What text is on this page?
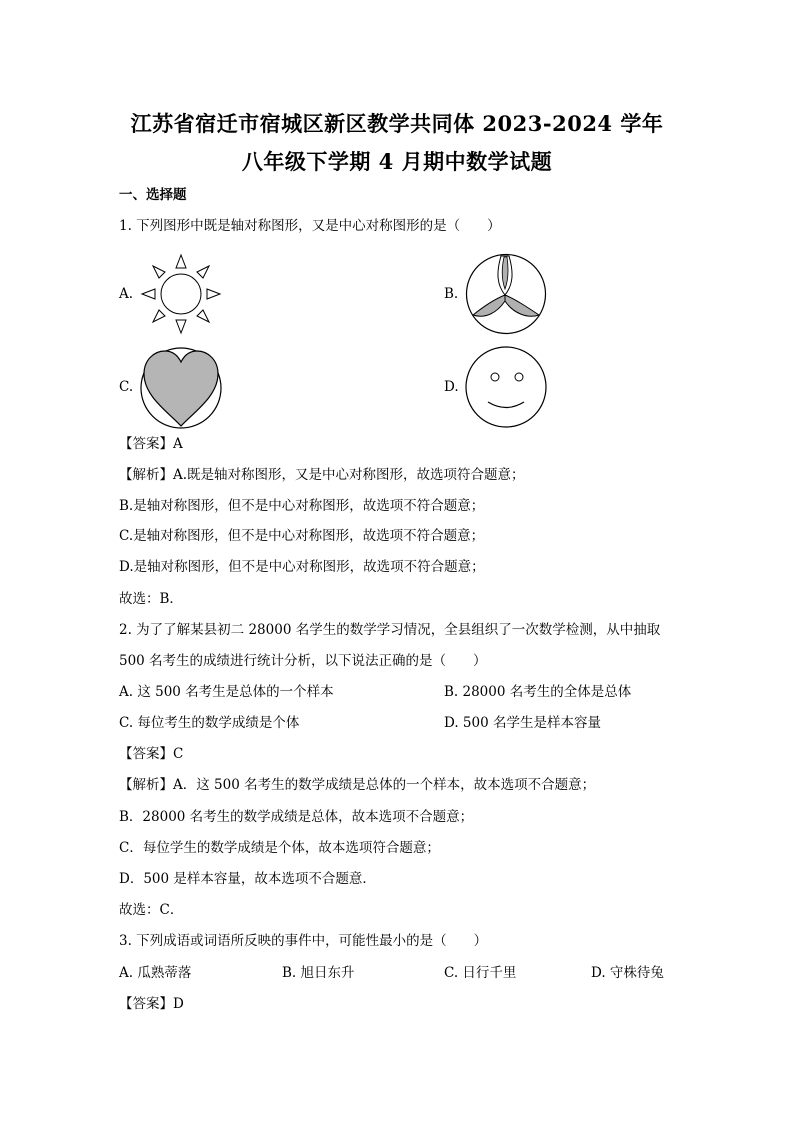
江苏省宿迁市宿城区新区教学共同体 2023-2024 学年
八年级下学期 4 月期中数学试题
一、选择题
1. 下列图形中既是轴对称图形，又是中心对称图形的是（　　）
A.	B.
C.	D.
【答案】A
【解析】A.既是轴对称图形，又是中心对称图形，故选项符合题意；
B.是轴对称图形，但不是中心对称图形，故选项不符合题意；
C.是轴对称图形，但不是中心对称图形，故选项不符合题意；
D.是轴对称图形，但不是中心对称图形，故选项不符合题意；
故选：B．
2. 为了了解某县初二 28000 名学生的数学学习情况，全县组织了一次数学检测，从中抽取
500 名考生的成绩进行统计分析，以下说法正确的是（　　）
A. 这 500 名考生是总体的一个样本	B. 28000 名考生的全体是总体
C. 每位考生的数学成绩是个体	D. 500 名学生是样本容量
【答案】C
【解析】A．这 500 名考生的数学成绩是总体的一个样本，故本选项不合题意；
B．28000 名考生的数学成绩是总体，故本选项不合题意；
C．每位学生的数学成绩是个体，故本选项符合题意；
D．500 是样本容量，故本选项不合题意．
故选：C．
3. 下列成语或词语所反映的事件中，可能性最小的是（　　）
A. 瓜熟蒂落	B. 旭日东升	C. 日行千里	D. 守株待兔
【答案】D
